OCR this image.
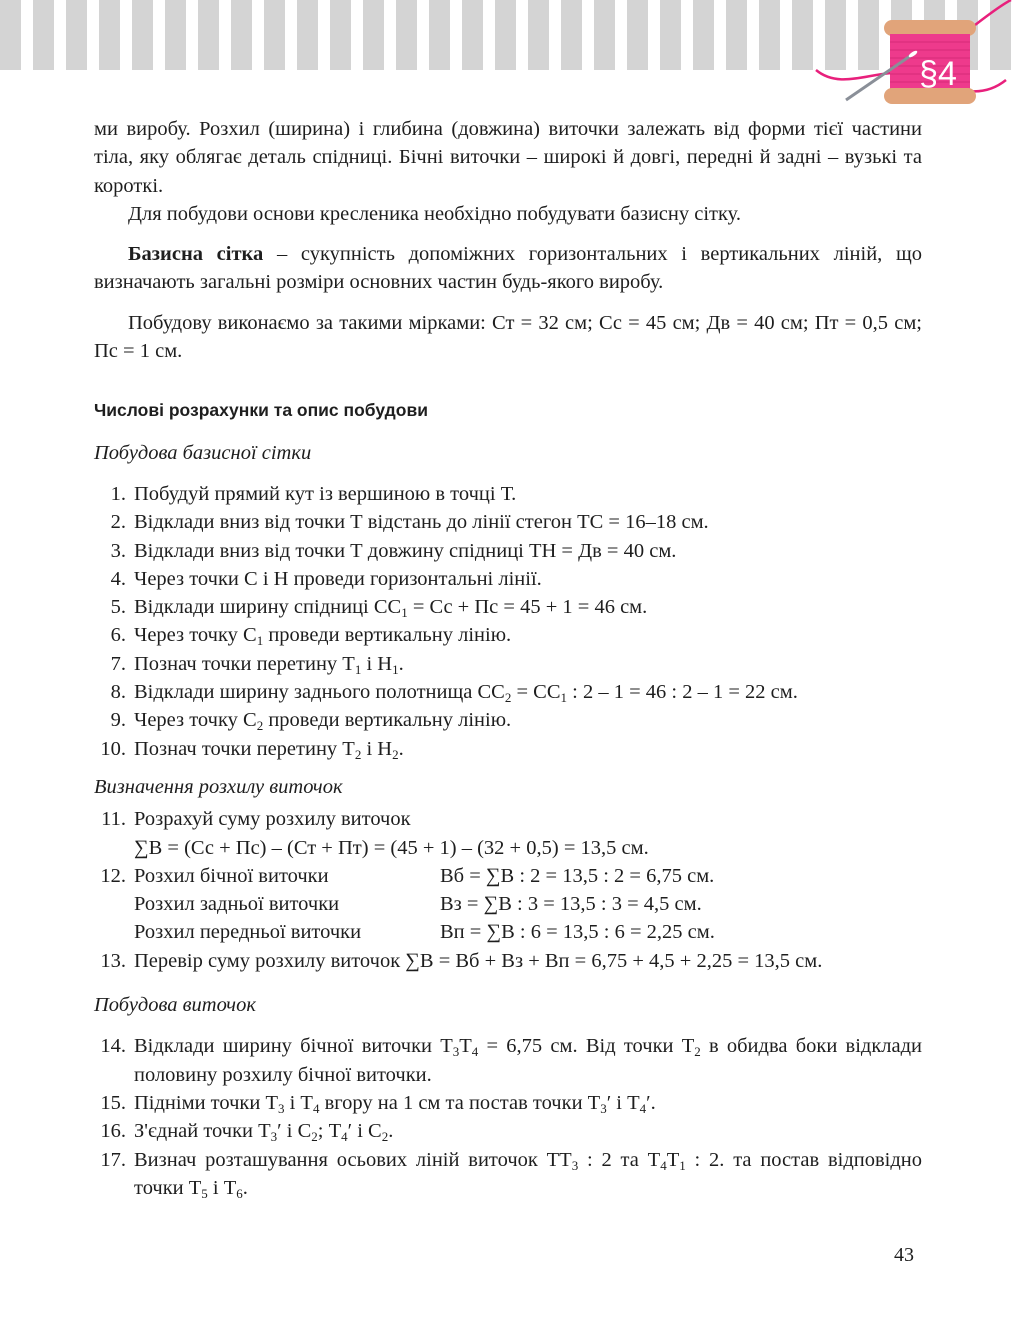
§4

ми виробу. Розхил (ширина) і глибина (довжина) виточки залежать від форми тієї частини тіла, яку облягає деталь спідниці. Бічні виточки – широкі й довгі, передні й задні – вузькі та короткі.

Для побудови основи кресленика необхідно побудувати базисну сітку.

Базисна сітка – сукупність допоміжних горизонтальних і вертикальних ліній, що визначають загальні розміри основних частин будь-якого виробу.

Побудову виконаємо за такими мірками: Ст = 32 см; Сс = 45 см; Дв = 40 см; Пт = 0,5 см; Пс = 1 см.

Числові розрахунки та опис побудови

Побудова базисної сітки

1. Побудуй прямий кут із вершиною в точці Т.
2. Відклади вниз від точки Т відстань до лінії стегон ТС = 16–18 см.
3. Відклади вниз від точки Т довжину спідниці ТН = Дв = 40 см.
4. Через точки С і Н проведи горизонтальні лінії.
5. Відклади ширину спідниці $СС_1$ = Сс + Пс = 45 + 1 = 46 см.
6. Через точку $С_1$ проведи вертикальну лінію.
7. Познач точки перетину $Т_1$ і $Н_1$.
8. Відклади ширину заднього полотнища $СС_2 = СС_1$ : 2 – 1 = 46 : 2 – 1 = 22 см.
9. Через точку $С_2$ проведи вертикальну лінію.
10. Познач точки перетину $Т_2$ і $Н_2$.

Визначення розхилу виточок

11. Розрахуй суму розхилу виточок
∑В = (Сс + Пс) – (Ст + Пт) = (45 + 1) – (32 + 0,5) = 13,5 см.
12. Розхил бічної виточки	Вб = ∑В : 2 = 13,5 : 2 = 6,75 см.
Розхил задньої виточки	Вз = ∑В : 3 = 13,5 : 3 = 4,5 см.
Розхил передньої виточки	Вп = ∑В : 6 = 13,5 : 6 = 2,25 см.
13. Перевір суму розхилу виточок ∑В = Вб + Вз + Вп = 6,75 + 4,5 + 2,25 = 13,5 см.

Побудова виточок

14. Відклади ширину бічної виточки $Т_3Т_4 = 6,75$ см. Від точки $Т_2$ в обидва боки відклади половину розхилу бічної виточки.
15. Підніми точки $Т_3$ і $Т_4$ вгору на 1 см та постав точки $Т_3'$ і $Т_4'$.
16. З'єднай точки $Т_3'$ і $С_2$; $Т_4'$ і $С_2$.
17. Визнач розташування осьових ліній виточок $ТТ_3$ : 2 та $Т_4Т_1$ : 2. та постав відповідно точки $Т_5$ і $Т_6$.
43
